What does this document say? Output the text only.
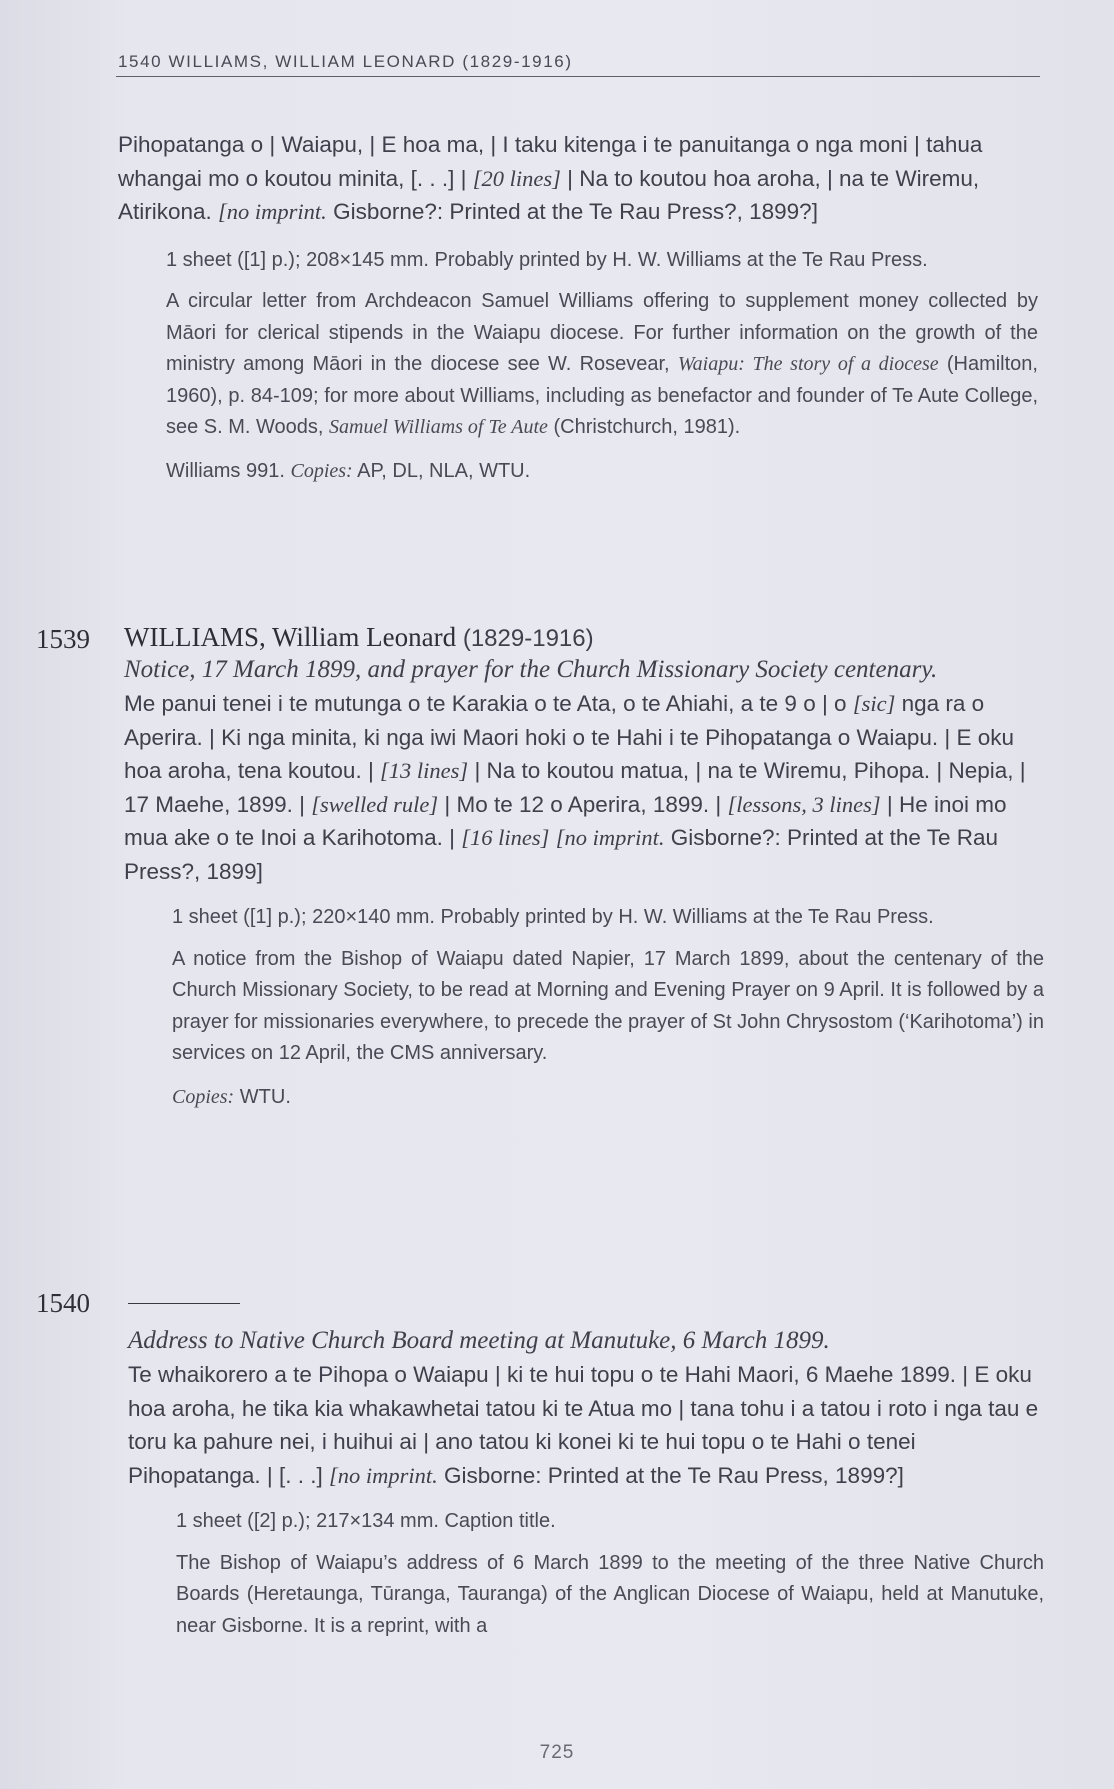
1540 WILLIAMS, WILLIAM LEONARD (1829-1916)

Pihopatanga o | Waiapu, | E hoa ma, | I taku kitenga i te panuitanga o nga moni | tahua whangai mo o koutou minita, [. . .] | [20 lines] | Na to koutou hoa aroha, | na te Wiremu, Atirikona. [no imprint. Gisborne?: Printed at the Te Rau Press?, 1899?]

1 sheet ([1] p.); 208×145 mm. Probably printed by H. W. Williams at the Te Rau Press.

A circular letter from Archdeacon Samuel Williams offering to supplement money collected by Māori for clerical stipends in the Waiapu diocese. For further information on the growth of the ministry among Māori in the diocese see W. Rosevear, Waiapu: The story of a diocese (Hamilton, 1960), p. 84-109; for more about Williams, including as benefactor and founder of Te Aute College, see S. M. Woods, Samuel Williams of Te Aute (Christchurch, 1981).

Williams 991. Copies: AP, DL, NLA, WTU.

1539 WILLIAMS, William Leonard (1829-1916)

Notice, 17 March 1899, and prayer for the Church Missionary Society centenary.

Me panui tenei i te mutunga o te Karakia o te Ata, o te Ahiahi, a te 9 o | o [sic] nga ra o Aperira. | Ki nga minita, ki nga iwi Maori hoki o te Hahi i te Pihopatanga o Waiapu. | E oku hoa aroha, tena koutou. | [13 lines] | Na to koutou matua, | na te Wiremu, Pihopa. | Nepia, | 17 Maehe, 1899. | [swelled rule] | Mo te 12 o Aperira, 1899. | [lessons, 3 lines] | He inoi mo mua ake o te Inoi a Karihotoma. | [16 lines] [no imprint. Gisborne?: Printed at the Te Rau Press?, 1899]

1 sheet ([1] p.); 220×140 mm. Probably printed by H. W. Williams at the Te Rau Press.

A notice from the Bishop of Waiapu dated Napier, 17 March 1899, about the centenary of the Church Missionary Society, to be read at Morning and Evening Prayer on 9 April. It is followed by a prayer for missionaries everywhere, to precede the prayer of St John Chrysostom (‘Karihotoma’) in services on 12 April, the CMS anniversary.

Copies: WTU.

1540

Address to Native Church Board meeting at Manutuke, 6 March 1899.

Te whaikorero a te Pihopa o Waiapu | ki te hui topu o te Hahi Maori, 6 Maehe 1899. | E oku hoa aroha, he tika kia whakawhetai tatou ki te Atua mo | tana tohu i a tatou i roto i nga tau e toru ka pahure nei, i huihui ai | ano tatou ki konei ki te hui topu o te Hahi o tenei Pihopatanga. | [. . .] [no imprint. Gisborne: Printed at the Te Rau Press, 1899?]

1 sheet ([2] p.); 217×134 mm. Caption title.

The Bishop of Waiapu’s address of 6 March 1899 to the meeting of the three Native Church Boards (Heretaunga, Tūranga, Tauranga) of the Anglican Diocese of Waiapu, held at Manutuke, near Gisborne. It is a reprint, with a

725
